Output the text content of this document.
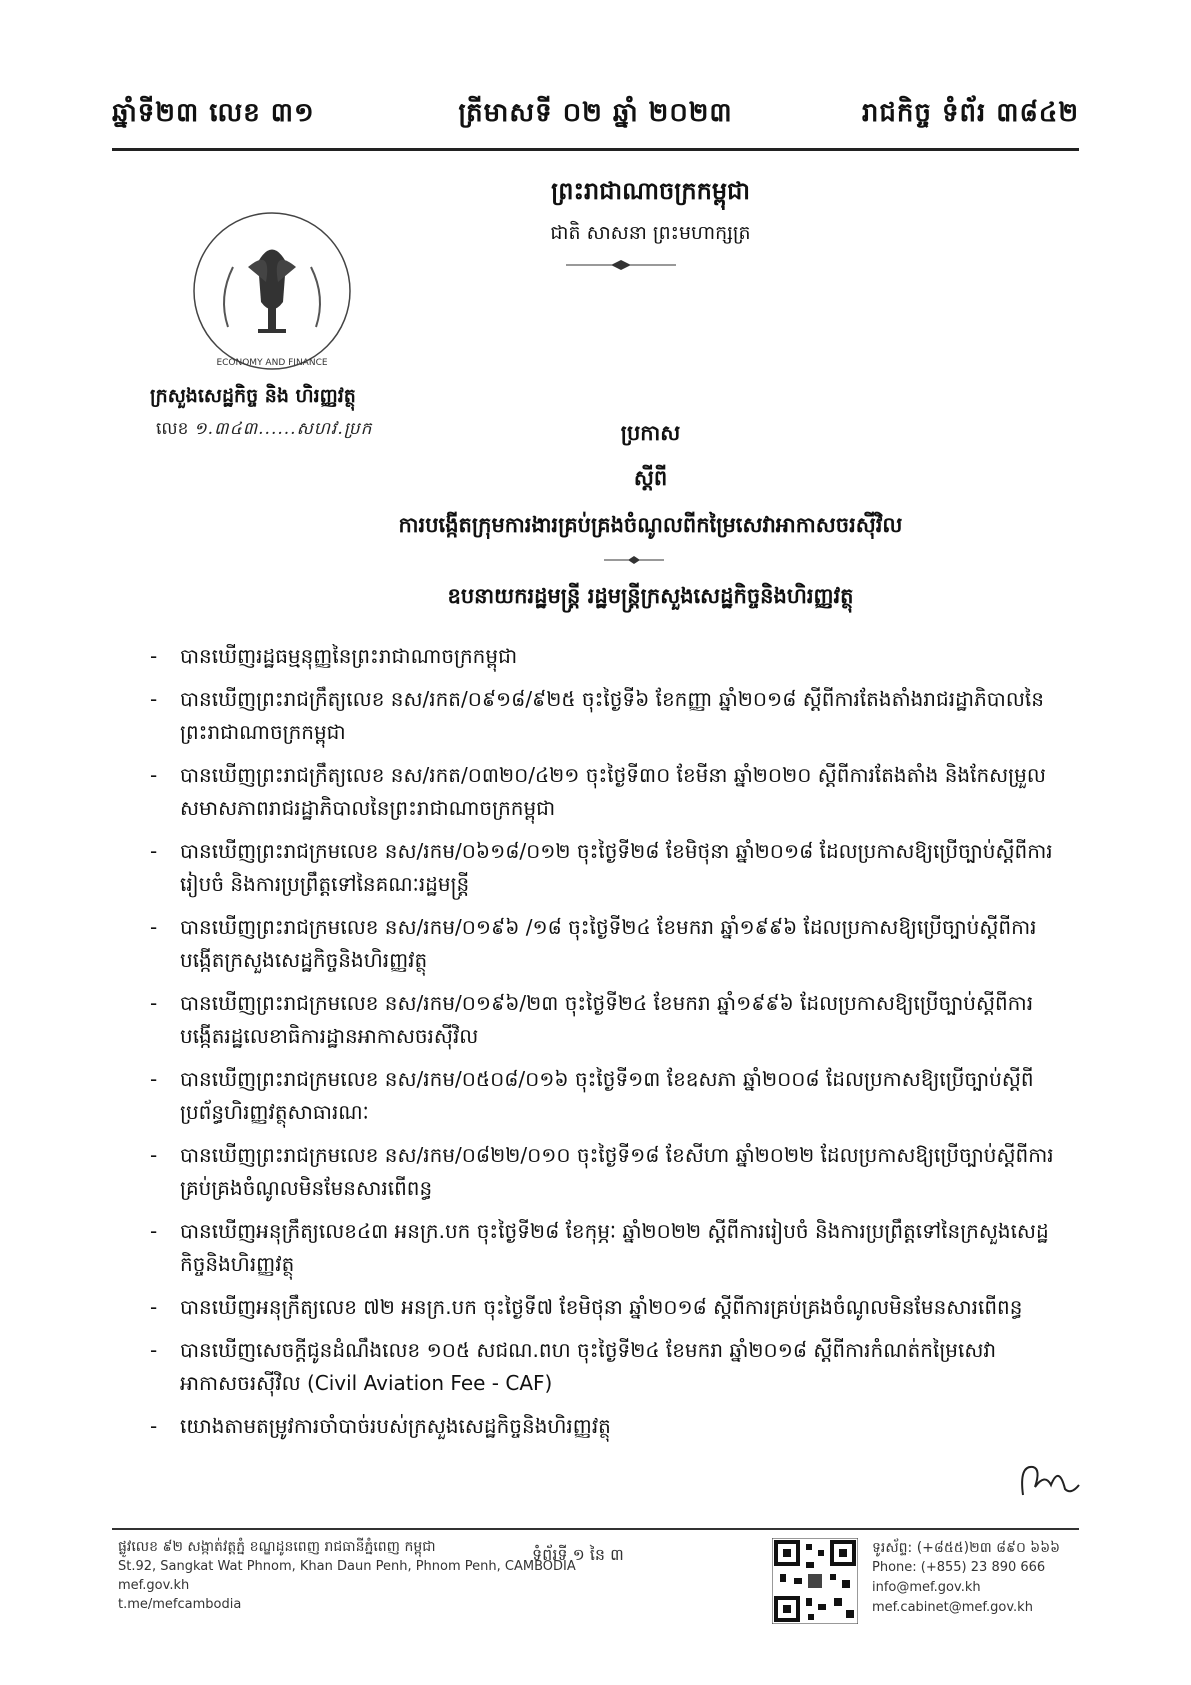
ឆ្នាំទី២៣ លេខ ៣១	ត្រីមាសទី ០២ ឆ្នាំ ២០២៣	រាជកិច្ច ទំព័រ ៣៨៤២
ព្រះរាជាណាចក្រកម្ពុជា
ជាតិ សាសនា ព្រះមហាក្សត្រ
ECONOMY AND FINANCE
ក្រសួងសេដ្ឋកិច្ច និង ហិរញ្ញវត្ថុ
លេខ ១.៣៤៣......សហវ.ប្រក	ប្រកាស
ស្ដីពី
ការបង្កើតក្រុមការងារគ្រប់គ្រងចំណូលពីកម្រៃសេវាអាកាសចរស៊ីវិល
ឧបនាយករដ្ឋមន្ត្រី រដ្ឋមន្ត្រីក្រសួងសេដ្ឋកិច្ចនិងហិរញ្ញវត្ថុ
- បានឃើញរដ្ឋធម្មនុញ្ញនៃព្រះរាជាណាចក្រកម្ពុជា
- បានឃើញព្រះរាជក្រឹត្យលេខ នស/រកត/០៩១៨/៩២៥ ចុះថ្ងៃទី៦ ខែកញ្ញា ឆ្នាំ២០១៨ ស្ដីពីការតែងតាំងរាជរដ្ឋាភិបាលនៃព្រះរាជាណាចក្រកម្ពុជា
- បានឃើញព្រះរាជក្រឹត្យលេខ នស/រកត/០៣២០/៤២១ ចុះថ្ងៃទី៣០ ខែមីនា ឆ្នាំ២០២០ ស្ដីពីការតែងតាំង និងកែសម្រួលសមាសភាពរាជរដ្ឋាភិបាលនៃព្រះរាជាណាចក្រកម្ពុជា
- បានឃើញព្រះរាជក្រមលេខ នស/រកម/០៦១៨/០១២ ចុះថ្ងៃទី២៨ ខែមិថុនា ឆ្នាំ២០១៨ ដែលប្រកាសឱ្យប្រើច្បាប់ស្ដីពីការរៀបចំ និងការប្រព្រឹត្តទៅនៃគណៈរដ្ឋមន្ត្រី
- បានឃើញព្រះរាជក្រមលេខ នស/រកម/០១៩៦ /១៨ ចុះថ្ងៃទី២៤ ខែមករា ឆ្នាំ១៩៩៦ ដែលប្រកាសឱ្យប្រើច្បាប់ស្ដីពីការបង្កើតក្រសួងសេដ្ឋកិច្ចនិងហិរញ្ញវត្ថុ
- បានឃើញព្រះរាជក្រមលេខ នស/រកម/០១៩៦/២៣ ចុះថ្ងៃទី២៤ ខែមករា ឆ្នាំ១៩៩៦ ដែលប្រកាសឱ្យប្រើច្បាប់ស្ដីពីការបង្កើតរដ្ឋលេខាធិការដ្ឋានអាកាសចរស៊ីវិល
- បានឃើញព្រះរាជក្រមលេខ នស/រកម/០៥០៨/០១៦ ចុះថ្ងៃទី១៣ ខែឧសភា ឆ្នាំ២០០៨ ដែលប្រកាសឱ្យប្រើច្បាប់ស្ដីពីប្រព័ន្ធហិរញ្ញវត្ថុសាធារណៈ
- បានឃើញព្រះរាជក្រមលេខ នស/រកម/០៨២២/០១០ ចុះថ្ងៃទី១៨ ខែសីហា ឆ្នាំ២០២២ ដែលប្រកាសឱ្យប្រើច្បាប់ស្ដីពីការគ្រប់គ្រងចំណូលមិនមែនសារពើពន្ធ
- បានឃើញអនុក្រឹត្យលេខ៤៣ អនក្រ.បក ចុះថ្ងៃទី២៨ ខែកុម្ភៈ ឆ្នាំ២០២២ ស្ដីពីការរៀបចំ និងការប្រព្រឹត្តទៅនៃក្រសួងសេដ្ឋកិច្ចនិងហិរញ្ញវត្ថុ
- បានឃើញអនុក្រឹត្យលេខ ៧២ អនក្រ.បក ចុះថ្ងៃទី៧ ខែមិថុនា ឆ្នាំ២០១៨ ស្ដីពីការគ្រប់គ្រងចំណូលមិនមែនសារពើពន្ធ
- បានឃើញសេចក្ដីជូនដំណឹងលេខ ១០៥ សជណ.ពហ ចុះថ្ងៃទី២៤ ខែមករា ឆ្នាំ២០១៨ ស្ដីពីការកំណត់កម្រៃសេវាអាកាសចរស៊ីវិល (Civil Aviation Fee - CAF)
- យោងតាមតម្រូវការចាំបាច់របស់ក្រសួងសេដ្ឋកិច្ចនិងហិរញ្ញវត្ថុ
ផ្លូវលេខ ៩២ សង្កាត់វត្តភ្នំ ខណ្ឌដូនពេញ រាជធានីភ្នំពេញ កម្ពុជា
St.92, Sangkat Wat Phnom, Khan Daun Penh, Phnom Penh, CAMBODIA
mef.gov.kh
t.me/mefcambodia
ទំព័រទី ១ នៃ ៣	ទូរស័ព្ទ: (+៨៥៥)២៣ ៨៩០ ៦៦៦
Phone: (+855) 23 890 666
info@mef.gov.kh
mef.cabinet@mef.gov.kh
